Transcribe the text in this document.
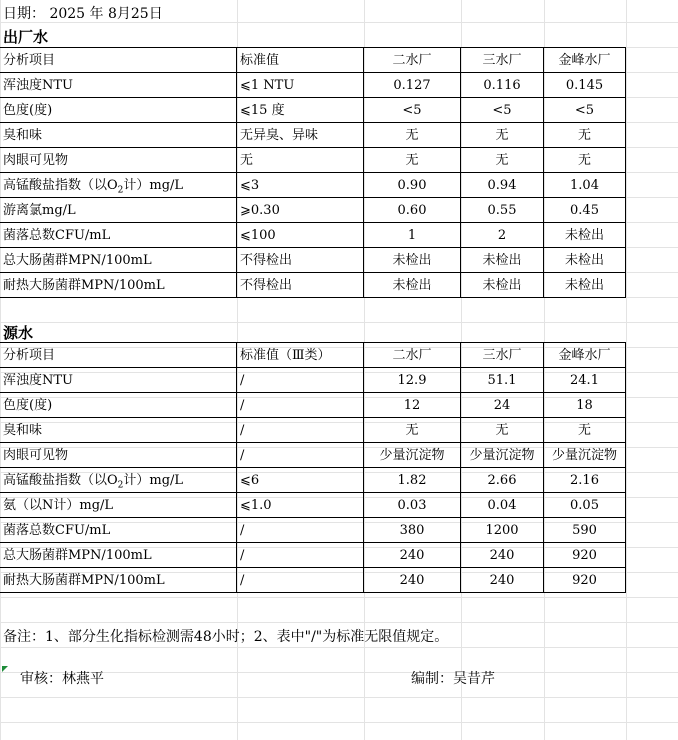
日期： 2025 年 8月25日
出厂水
分析项目	标准值	二水厂	三水厂	金峰水厂
浑浊度NTU	⩽1 NTU	0.127	0.116	0.145
色度(度)	⩽15 度	<5	<5	<5
臭和味	无异臭、异味	无	无	无
肉眼可见物	无	无	无	无
高锰酸盐指数（以$O_2$计）mg/L	⩽3	0.90	0.94	1.04
游离氯mg/L	⩾0.30	0.60	0.55	0.45
菌落总数CFU/mL	⩽100	1	2	未检出
总大肠菌群MPN/100mL	不得检出	未检出	未检出	未检出
耐热大肠菌群MPN/100mL	不得检出	未检出	未检出	未检出
源水
分析项目	标准值（Ⅲ类）	二水厂	三水厂	金峰水厂
浑浊度NTU	/	12.9	51.1	24.1
色度(度)	/	12	24	18
臭和味	/	无	无	无
肉眼可见物	/	少量沉淀物	少量沉淀物	少量沉淀物
高锰酸盐指数（以$O_2$计）mg/L	⩽6	1.82	2.66	2.16
氨（以N计）mg/L	⩽1.0	0.03	0.04	0.05
菌落总数CFU/mL	/	380	1200	590
总大肠菌群MPN/100mL	/	240	240	920
耐热大肠菌群MPN/100mL	/	240	240	920
备注：1、部分生化指标检测需48小时；2、表中"/"为标准无限值规定。
审核：林燕平	编制：吴昔芹
